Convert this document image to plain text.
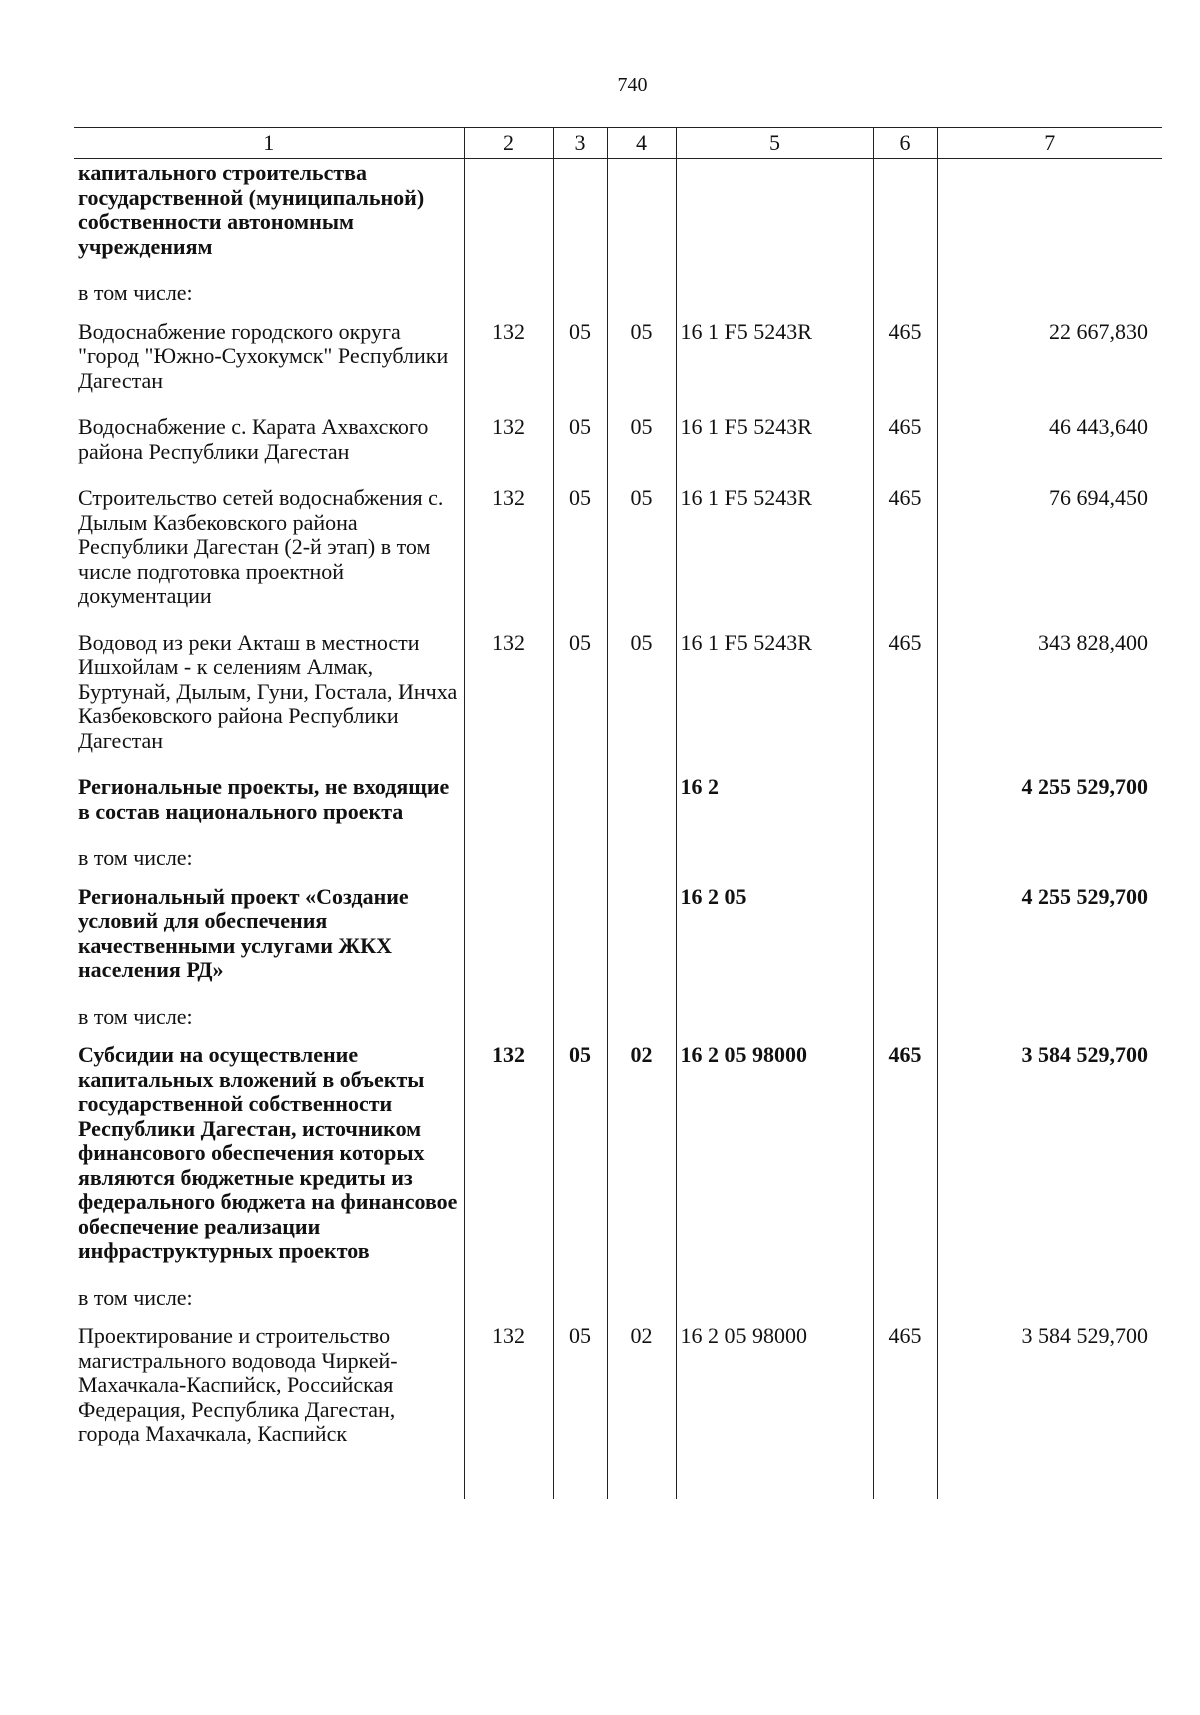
740
1	2	3	4	5	6	7
капитального строительства государственной (муниципальной) собственности автономным учреждениям						
в том числе:						
Водоснабжение городского округа "город "Южно-Сухокумск" Республики Дагестан	132	05	05	16 1 F5 5243R	465	22 667,830
Водоснабжение с. Карата Ахвахского района Республики Дагестан	132	05	05	16 1 F5 5243R	465	46 443,640
Строительство сетей водоснабжения с. Дылым Казбековского района Республики Дагестан (2-й этап) в том числе подготовка проектной документации	132	05	05	16 1 F5 5243R	465	76 694,450
Водовод из реки Акташ в местности Ишхойлам - к селениям Алмак, Буртунай, Дылым, Гуни, Гостала, Инчха Казбековского района Республики Дагестан	132	05	05	16 1 F5 5243R	465	343 828,400
Региональные проекты, не входящие в состав национального проекта				16 2		4 255 529,700
в том числе:						
Региональный проект «Создание условий для обеспечения качественными услугами ЖКХ населения РД»				16 2 05		4 255 529,700
в том числе:						
Субсидии на осуществление капитальных вложений в объекты государственной собственности Республики Дагестан, источником финансового обеспечения которых являются бюджетные кредиты из федерального бюджета на финансовое обеспечение реализации инфраструктурных проектов	132	05	02	16 2 05 98000	465	3 584 529,700
в том числе:						
Проектирование и строительство магистрального водовода Чиркей-Махачкала-Каспийск, Российская Федерация, Республика Дагестан, города Махачкала, Каспийск	132	05	02	16 2 05 98000	465	3 584 529,700
